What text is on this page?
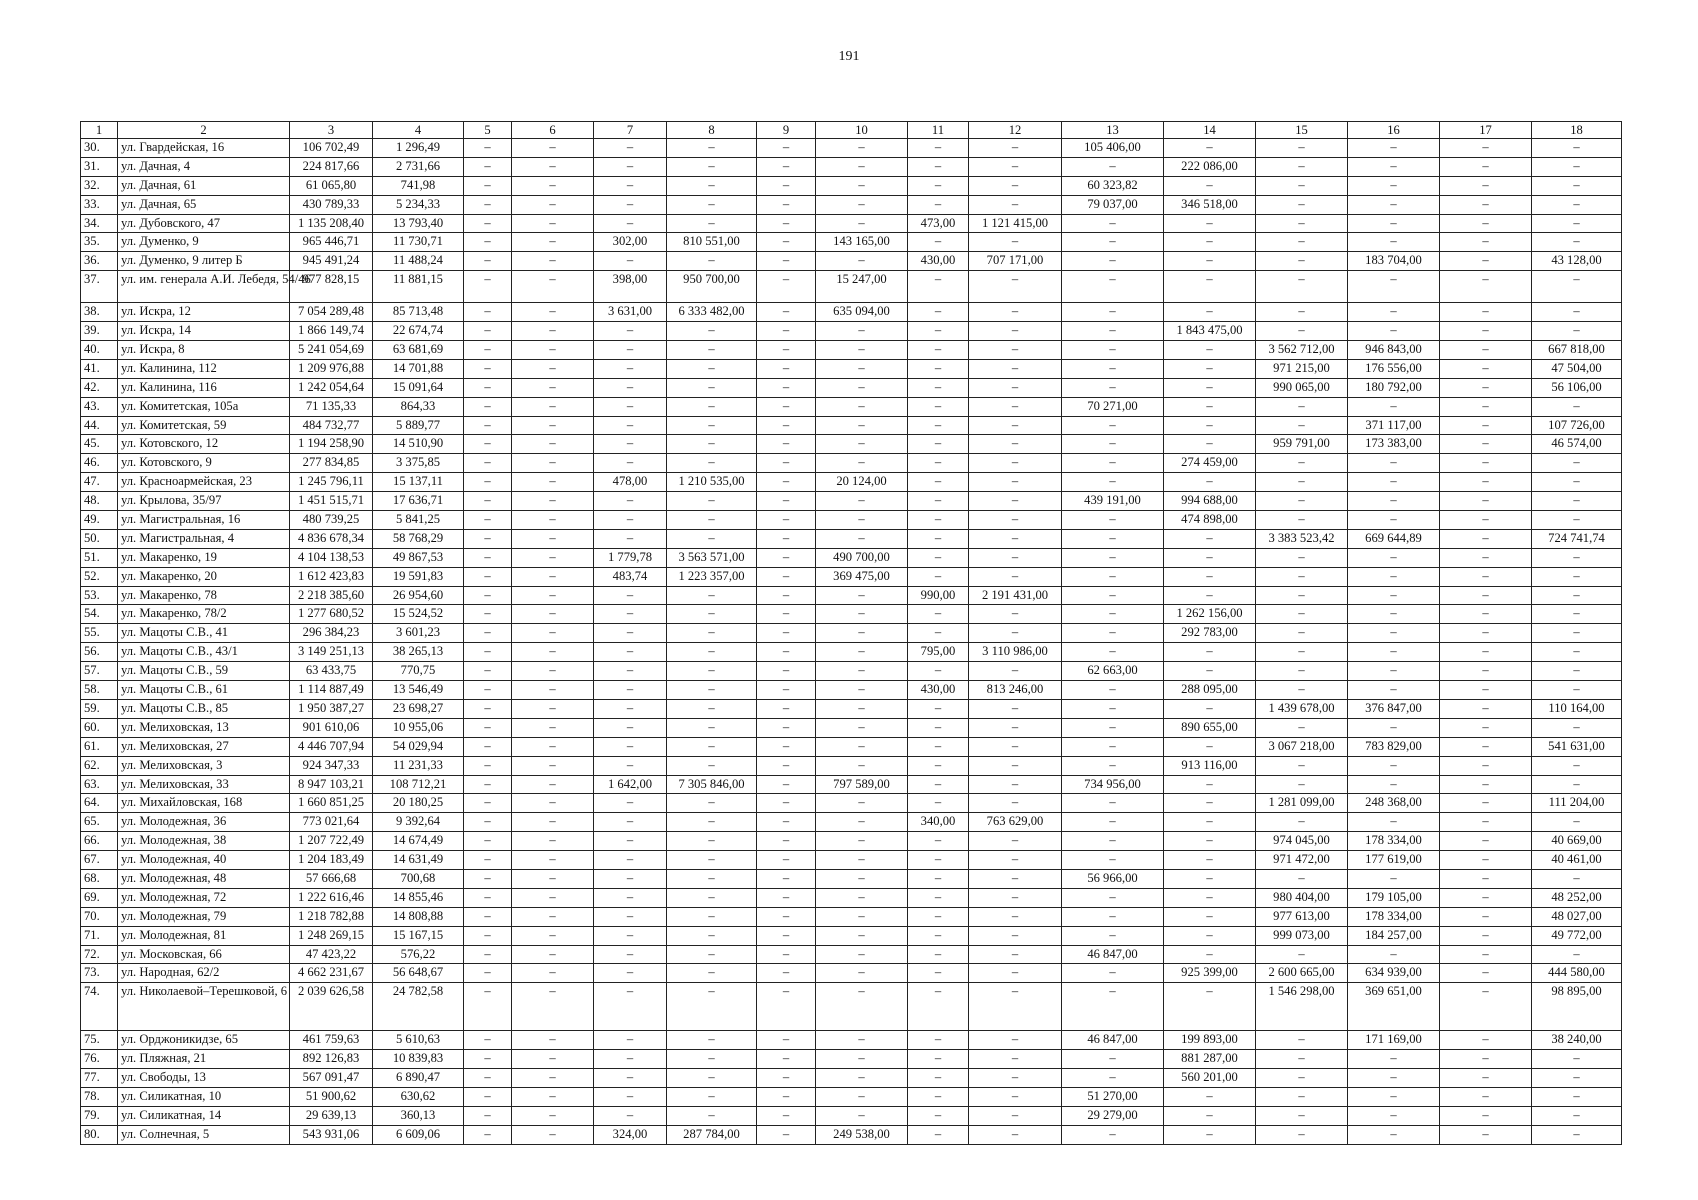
191
1	2	3	4	5	6	7	8	9	10	11	12	13	14	15	16	17	18
30.	ул. Гвардейская, 16	106 702,49	1 296,49	–	–	–	–	–	–	–	–	105 406,00	–	–	–	–	–
31.	ул. Дачная, 4	224 817,66	2 731,66	–	–	–	–	–	–	–	–	–	222 086,00	–	–	–	–
32.	ул. Дачная, 61	61 065,80	741,98	–	–	–	–	–	–	–	–	60 323,82	–	–	–	–	–
33.	ул. Дачная, 65	430 789,33	5 234,33	–	–	–	–	–	–	–	–	79 037,00	346 518,00	–	–	–	–
34.	ул. Дубовского, 47	1 135 208,40	13 793,40	–	–	–	–	–	–	473,00	1 121 415,00	–	–	–	–	–	–
35.	ул. Думенко, 9	965 446,71	11 730,71	–	–	302,00	810 551,00	–	143 165,00	–	–	–	–	–	–	–	–
36.	ул. Думенко, 9 литер Б	945 491,24	11 488,24	–	–	–	–	–	–	430,00	707 171,00	–	–	–	183 704,00	–	43 128,00
37.	ул. им. генерала А.И. Лебедя, 54/46	977 828,15	11 881,15	–	–	398,00	950 700,00	–	15 247,00	–	–	–	–	–	–	–	–
38.	ул. Искра, 12	7 054 289,48	85 713,48	–	–	3 631,00	6 333 482,00	–	635 094,00	–	–	–	–	–	–	–	–
39.	ул. Искра, 14	1 866 149,74	22 674,74	–	–	–	–	–	–	–	–	–	1 843 475,00	–	–	–	–
40.	ул. Искра, 8	5 241 054,69	63 681,69	–	–	–	–	–	–	–	–	–	–	3 562 712,00	946 843,00	–	667 818,00
41.	ул. Калинина, 112	1 209 976,88	14 701,88	–	–	–	–	–	–	–	–	–	–	971 215,00	176 556,00	–	47 504,00
42.	ул. Калинина, 116	1 242 054,64	15 091,64	–	–	–	–	–	–	–	–	–	–	990 065,00	180 792,00	–	56 106,00
43.	ул. Комитетская, 105а	71 135,33	864,33	–	–	–	–	–	–	–	–	70 271,00	–	–	–	–	–
44.	ул. Комитетская, 59	484 732,77	5 889,77	–	–	–	–	–	–	–	–	–	–	–	371 117,00	–	107 726,00
45.	ул. Котовского, 12	1 194 258,90	14 510,90	–	–	–	–	–	–	–	–	–	–	959 791,00	173 383,00	–	46 574,00
46.	ул. Котовского, 9	277 834,85	3 375,85	–	–	–	–	–	–	–	–	–	274 459,00	–	–	–	–
47.	ул. Красноармейская, 23	1 245 796,11	15 137,11	–	–	478,00	1 210 535,00	–	20 124,00	–	–	–	–	–	–	–	–
48.	ул. Крылова, 35/97	1 451 515,71	17 636,71	–	–	–	–	–	–	–	–	439 191,00	994 688,00	–	–	–	–
49.	ул. Магистральная, 16	480 739,25	5 841,25	–	–	–	–	–	–	–	–	–	474 898,00	–	–	–	–
50.	ул. Магистральная, 4	4 836 678,34	58 768,29	–	–	–	–	–	–	–	–	–	–	3 383 523,42	669 644,89	–	724 741,74
51.	ул. Макаренко, 19	4 104 138,53	49 867,53	–	–	1 779,78	3 563 571,00	–	490 700,00	–	–	–	–	–	–	–	–
52.	ул. Макаренко, 20	1 612 423,83	19 591,83	–	–	483,74	1 223 357,00	–	369 475,00	–	–	–	–	–	–	–	–
53.	ул. Макаренко, 78	2 218 385,60	26 954,60	–	–	–	–	–	–	990,00	2 191 431,00	–	–	–	–	–	–
54.	ул. Макаренко, 78/2	1 277 680,52	15 524,52	–	–	–	–	–	–	–	–	–	1 262 156,00	–	–	–	–
55.	ул. Мацоты С.В., 41	296 384,23	3 601,23	–	–	–	–	–	–	–	–	–	292 783,00	–	–	–	–
56.	ул. Мацоты С.В., 43/1	3 149 251,13	38 265,13	–	–	–	–	–	–	795,00	3 110 986,00	–	–	–	–	–	–
57.	ул. Мацоты С.В., 59	63 433,75	770,75	–	–	–	–	–	–	–	–	62 663,00	–	–	–	–	–
58.	ул. Мацоты С.В., 61	1 114 887,49	13 546,49	–	–	–	–	–	–	430,00	813 246,00	–	288 095,00	–	–	–	–
59.	ул. Мацоты С.В., 85	1 950 387,27	23 698,27	–	–	–	–	–	–	–	–	–	–	1 439 678,00	376 847,00	–	110 164,00
60.	ул. Мелиховская, 13	901 610,06	10 955,06	–	–	–	–	–	–	–	–	–	890 655,00	–	–	–	–
61.	ул. Мелиховская, 27	4 446 707,94	54 029,94	–	–	–	–	–	–	–	–	–	–	3 067 218,00	783 829,00	–	541 631,00
62.	ул. Мелиховская, 3	924 347,33	11 231,33	–	–	–	–	–	–	–	–	–	913 116,00	–	–	–	–
63.	ул. Мелиховская, 33	8 947 103,21	108 712,21	–	–	1 642,00	7 305 846,00	–	797 589,00	–	–	734 956,00	–	–	–	–	–
64.	ул. Михайловская, 168	1 660 851,25	20 180,25	–	–	–	–	–	–	–	–	–	–	1 281 099,00	248 368,00	–	111 204,00
65.	ул. Молодежная, 36	773 021,64	9 392,64	–	–	–	–	–	–	340,00	763 629,00	–	–	–	–	–	–
66.	ул. Молодежная, 38	1 207 722,49	14 674,49	–	–	–	–	–	–	–	–	–	–	974 045,00	178 334,00	–	40 669,00
67.	ул. Молодежная, 40	1 204 183,49	14 631,49	–	–	–	–	–	–	–	–	–	–	971 472,00	177 619,00	–	40 461,00
68.	ул. Молодежная, 48	57 666,68	700,68	–	–	–	–	–	–	–	–	56 966,00	–	–	–	–	–
69.	ул. Молодежная, 72	1 222 616,46	14 855,46	–	–	–	–	–	–	–	–	–	–	980 404,00	179 105,00	–	48 252,00
70.	ул. Молодежная, 79	1 218 782,88	14 808,88	–	–	–	–	–	–	–	–	–	–	977 613,00	178 334,00	–	48 027,00
71.	ул. Молодежная, 81	1 248 269,15	15 167,15	–	–	–	–	–	–	–	–	–	–	999 073,00	184 257,00	–	49 772,00
72.	ул. Московская, 66	47 423,22	576,22	–	–	–	–	–	–	–	–	46 847,00	–	–	–	–	–
73.	ул. Народная, 62/2	4 662 231,67	56 648,67	–	–	–	–	–	–	–	–	–	925 399,00	2 600 665,00	634 939,00	–	444 580,00
74.	ул. Николаевой–Терешковой, 6	2 039 626,58	24 782,58	–	–	–	–	–	–	–	–	–	–	1 546 298,00	369 651,00	–	98 895,00
75.	ул. Орджоникидзе, 65	461 759,63	5 610,63	–	–	–	–	–	–	–	–	46 847,00	199 893,00	–	171 169,00	–	38 240,00
76.	ул. Пляжная, 21	892 126,83	10 839,83	–	–	–	–	–	–	–	–	–	881 287,00	–	–	–	–
77.	ул. Свободы, 13	567 091,47	6 890,47	–	–	–	–	–	–	–	–	–	560 201,00	–	–	–	–
78.	ул. Силикатная, 10	51 900,62	630,62	–	–	–	–	–	–	–	–	51 270,00	–	–	–	–	–
79.	ул. Силикатная, 14	29 639,13	360,13	–	–	–	–	–	–	–	–	29 279,00	–	–	–	–	–
80.	ул. Солнечная, 5	543 931,06	6 609,06	–	–	324,00	287 784,00	–	249 538,00	–	–	–	–	–	–	–	–
